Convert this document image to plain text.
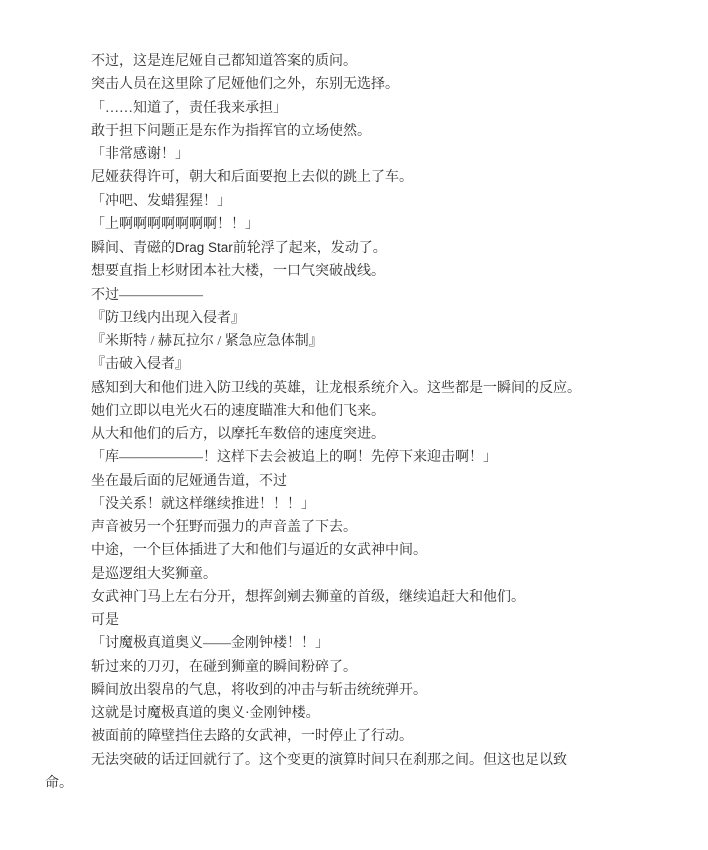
不过，这是连尼娅自己都知道答案的质问。

突击人员在这里除了尼娅他们之外，东别无选择。

「……知道了，责任我来承担」

敢于担下问题正是东作为指挥官的立场使然。

「非常感谢！」

尼娅获得许可，朝大和后面要抱上去似的跳上了车。

「冲吧、发蜡猩猩！」

「上啊啊啊啊啊啊啊！！」

瞬间、青磁的Drag Star前轮浮了起来，发动了。

想要直指上杉财团本社大楼，一口气突破战线。

不过——————

『防卫线内出现入侵者』

『米斯特 / 赫瓦拉尔 / 紧急应急体制』

『击破入侵者』

感知到大和他们进入防卫线的英雄，让龙根系统介入。这些都是一瞬间的反应。

她们立即以电光火石的速度瞄准大和他们飞来。

从大和他们的后方，以摩托车数倍的速度突进。

「库——————！这样下去会被追上的啊！先停下来迎击啊！」

坐在最后面的尼娅通告道，不过

「没关系！就这样继续推进！！！」

声音被另一个狂野而强力的声音盖了下去。

中途，一个巨体插进了大和他们与逼近的女武神中间。

是巡逻组大奖狮童。

女武神门马上左右分开，想挥剑剜去狮童的首级，继续追赶大和他们。

可是

「讨魔极真道奥义——金刚钟楼！！」

斩过来的刀刃，在碰到狮童的瞬间粉碎了。

瞬间放出裂帛的气息，将收到的冲击与斩击统统弹开。

这就是讨魔极真道的奥义·金刚钟楼。

被面前的障壁挡住去路的女武神，一时停止了行动。

无法突破的话迂回就行了。这个变更的演算时间只在刹那之间。但这也足以致命。
